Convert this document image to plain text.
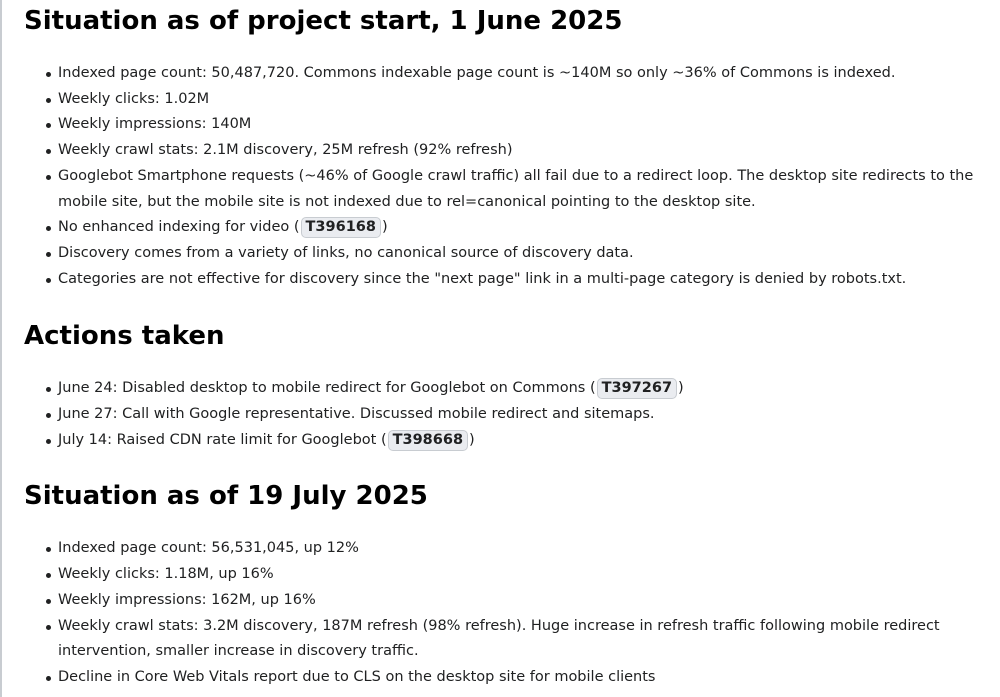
Situation as of project start, 1 June 2025
Indexed page count: 50,487,720. Commons indexable page count is ~140M so only ~36% of Commons is indexed.
Weekly clicks: 1.02M
Weekly impressions: 140M
Weekly crawl stats: 2.1M discovery, 25M refresh (92% refresh)
Googlebot Smartphone requests (~46% of Google crawl traffic) all fail due to a redirect loop. The desktop site redirects to the mobile site, but the mobile site is not indexed due to rel=canonical pointing to the desktop site.
No enhanced indexing for video ( T396168 )
Discovery comes from a variety of links, no canonical source of discovery data.
Categories are not effective for discovery since the "next page" link in a multi-page category is denied by robots.txt.
Actions taken
June 24: Disabled desktop to mobile redirect for Googlebot on Commons ( T397267 )
June 27: Call with Google representative. Discussed mobile redirect and sitemaps.
July 14: Raised CDN rate limit for Googlebot ( T398668 )
Situation as of 19 July 2025
Indexed page count: 56,531,045, up 12%
Weekly clicks: 1.18M, up 16%
Weekly impressions: 162M, up 16%
Weekly crawl stats: 3.2M discovery, 187M refresh (98% refresh). Huge increase in refresh traffic following mobile redirect intervention, smaller increase in discovery traffic.
Decline in Core Web Vitals report due to CLS on the desktop site for mobile clients
